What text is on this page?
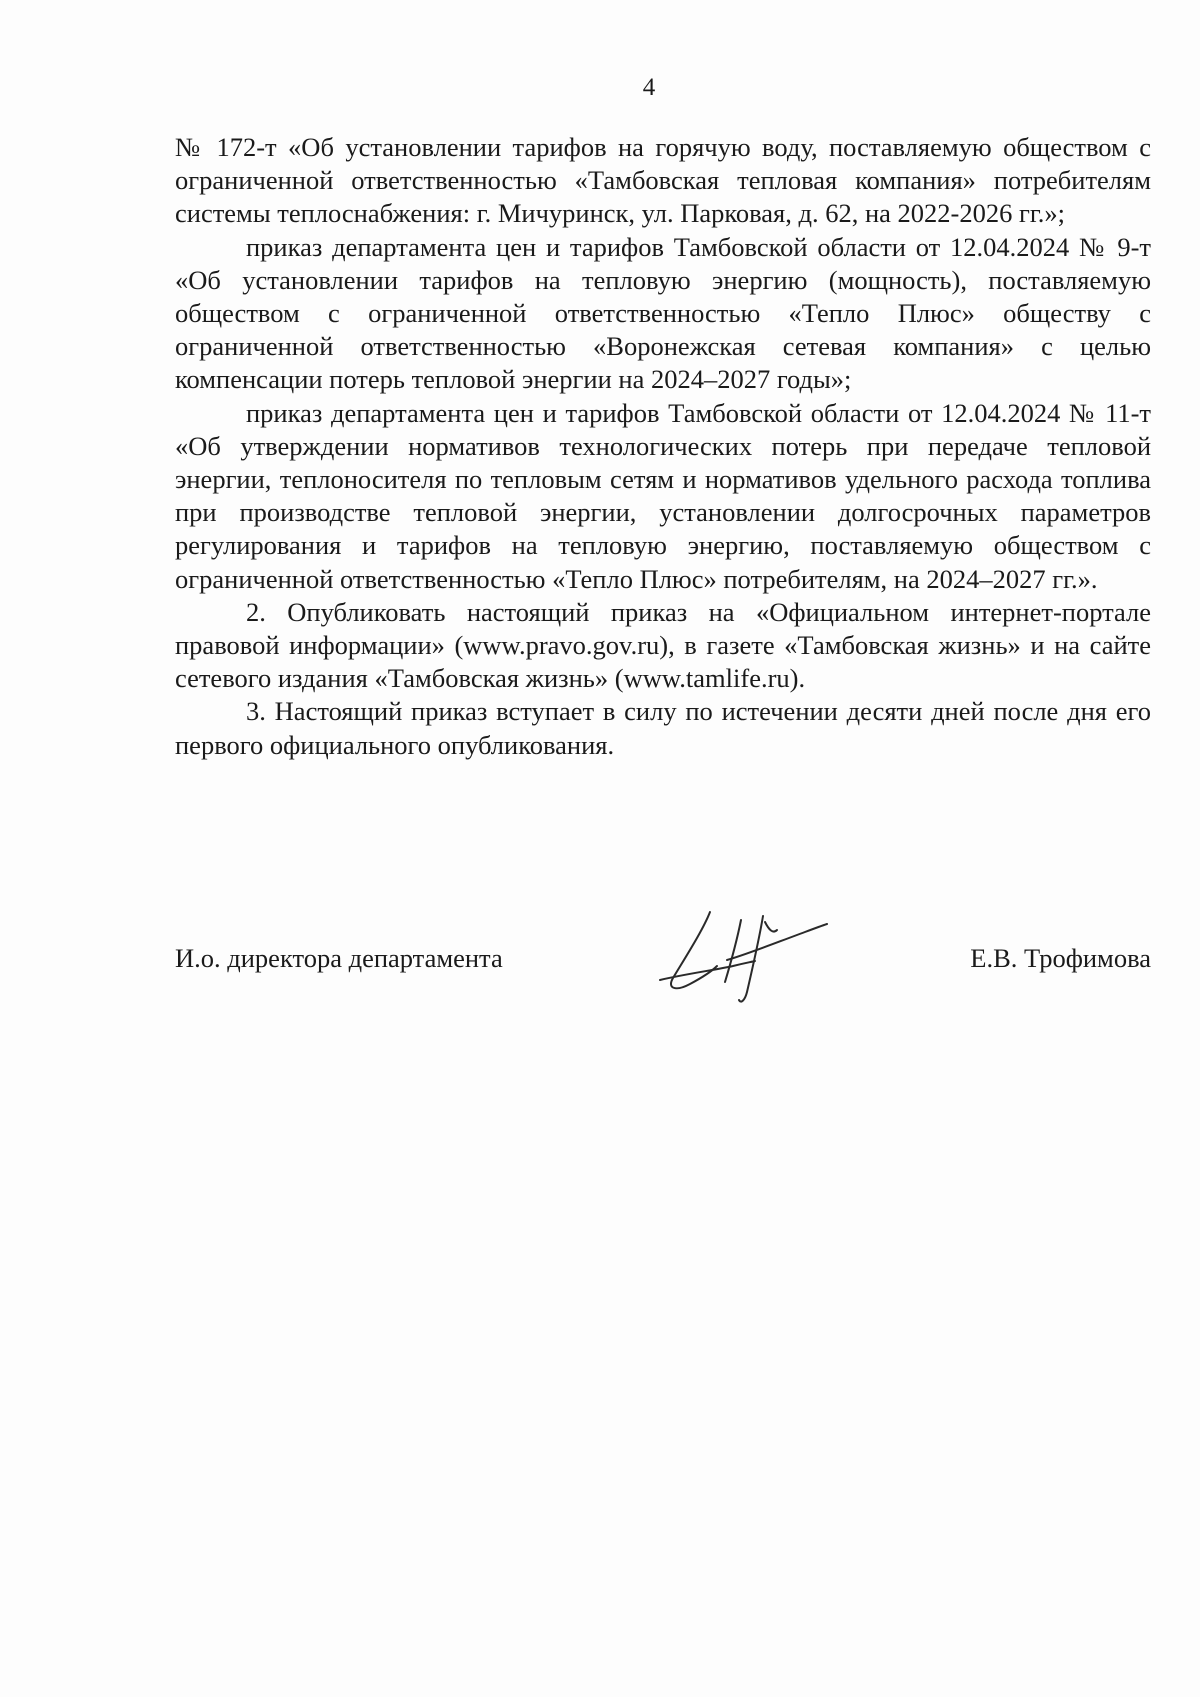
4

№ 172-т «Об установлении тарифов на горячую воду, поставляемую обществом с ограниченной ответственностью «Тамбовская тепловая компания» потребителям системы теплоснабжения: г. Мичуринск, ул. Парковая, д. 62, на 2022-2026 гг.»;

приказ департамента цен и тарифов Тамбовской области от 12.04.2024 № 9-т «Об установлении тарифов на тепловую энергию (мощность), поставляемую обществом с ограниченной ответственностью «Тепло Плюс» обществу с ограниченной ответственностью «Воронежская сетевая компания» с целью компенсации потерь тепловой энергии на 2024–2027 годы»;

приказ департамента цен и тарифов Тамбовской области от 12.04.2024 № 11-т «Об утверждении нормативов технологических потерь при передаче тепловой энергии, теплоносителя по тепловым сетям и нормативов удельного расхода топлива при производстве тепловой энергии, установлении долгосрочных параметров регулирования и тарифов на тепловую энергию, поставляемую обществом с ограниченной ответственностью «Тепло Плюс» потребителям, на 2024–2027 гг.».

2. Опубликовать настоящий приказ на «Официальном интернет-портале правовой информации» (www.pravo.gov.ru), в газете «Тамбовская жизнь» и на сайте сетевого издания «Тамбовская жизнь» (www.tamlife.ru).

3. Настоящий приказ вступает в силу по истечении десяти дней после дня его первого официального опубликования.

И.о. директора департамента	Е.В. Трофимова
